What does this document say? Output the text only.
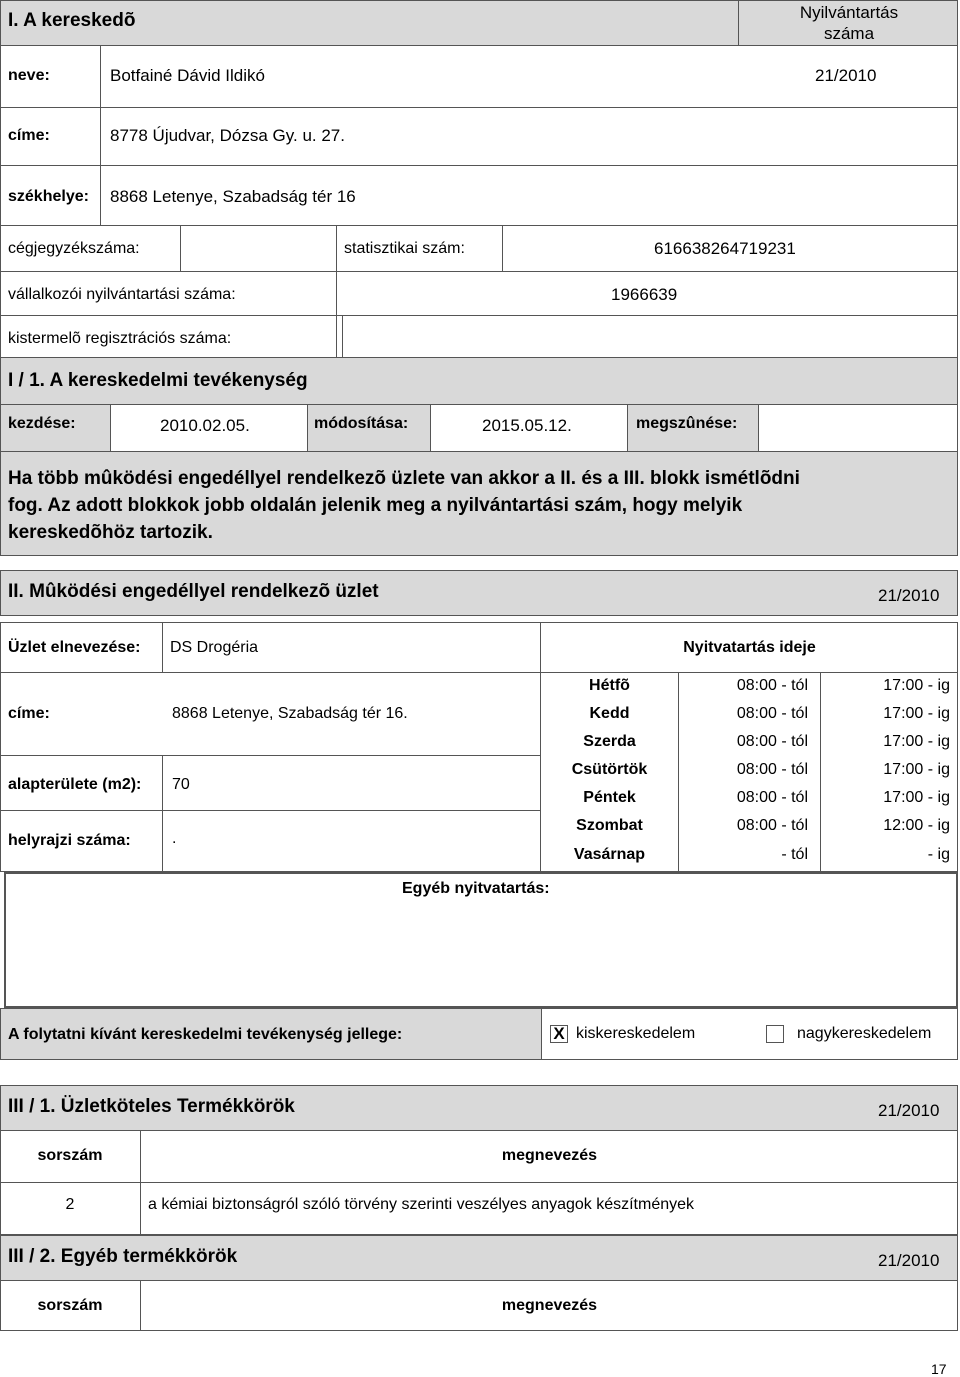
I. A kereskedõ	Nyilvántartás
száma
neve:	Botfainé Dávid Ildikó	21/2010
címe:	8778 Újudvar, Dózsa Gy. u. 27.
székhelye: 8868 Letenye, Szabadság tér 16
cégjegyzékszáma:	statisztikai szám:	616638264719231
vállalkozói nyilvántartási száma:	1966639
kistermelõ regisztrációs száma:
I / 1. A kereskedelmi tevékenység
kezdése:	2010.02.05.	módosítása:	2015.05.12.	megszûnése:
Ha több mûködési engedéllyel rendelkezõ üzlete van akkor a II. és a III. blokk ismétlõdni
fog. Az adott blokkok jobb oldalán jelenik meg a nyilvántartási szám, hogy melyik
kereskedõhöz tartozik.
II. Mûködési engedéllyel rendelkezõ üzlet	21/2010
Üzlet elnevezése: DS Drogéria	Nyitvatartás ideje
címe:	8868 Letenye, Szabadság tér 16.
alapterülete (m2): 70
helyrajzi száma:	.
Hétfõ	08:00 - tól	17:00 - ig
Kedd	08:00 - tól	17:00 - ig
Szerda	08:00 - tól	17:00 - ig
Csütörtök	08:00 - tól	17:00 - ig
Péntek	08:00 - tól	17:00 - ig
Szombat	08:00 - tól	12:00 - ig
Vasárnap	- tól	- ig
Egyéb nyitvatartás:
A folytatni kívánt kereskedelmi tevékenység jellege:	X kiskereskedelem	nagykereskedelem
III / 1. Üzletköteles Termékkörök	21/2010
sorszám	megnevezés
2	a kémiai biztonságról szóló törvény szerinti veszélyes anyagok készítmények
III / 2. Egyéb termékkörök	21/2010
sorszám	megnevezés
17
